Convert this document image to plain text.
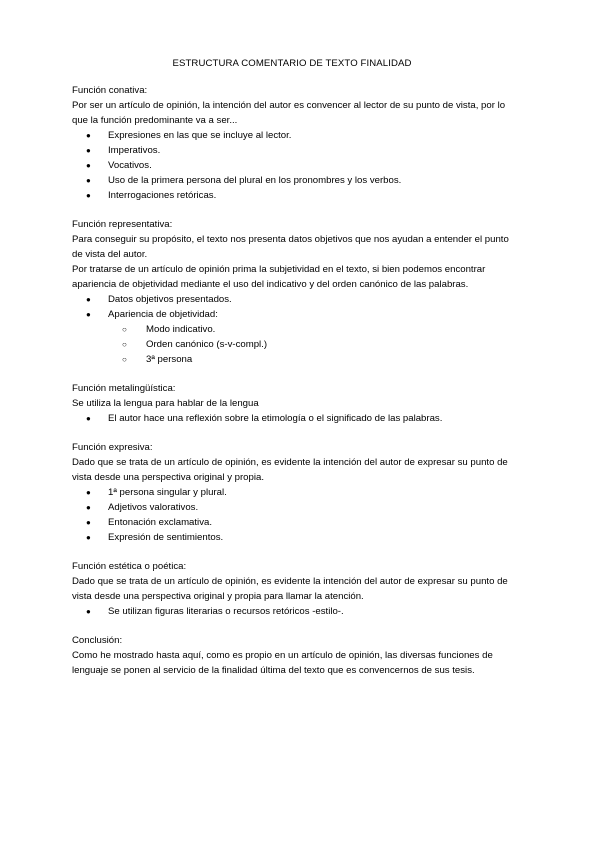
ESTRUCTURA COMENTARIO DE TEXTO FINALIDAD

Función conativa:

Por ser un artículo de opinión, la intención del autor es convencer al lector de su punto de vista, por lo que la función predominante va a ser...

● Expresiones en las que se incluye al lector.
● Imperativos.
● Vocativos.
● Uso de la primera persona del plural en los pronombres y los verbos.
● Interrogaciones retóricas.

Función representativa:

Para conseguir su propósito, el texto nos presenta datos objetivos que nos ayudan a entender el punto de vista del autor.

Por tratarse de un artículo de opinión prima la subjetividad en el texto, si bien podemos encontrar apariencia de objetividad mediante el uso del indicativo y del orden canónico de las palabras.

● Datos objetivos presentados.
● Apariencia de objetividad:
○ Modo indicativo.
○ Orden canónico (s-v-compl.)
○ 3ª persona

Función metalingüística:

Se utiliza la lengua para hablar de la lengua

● El autor hace una reflexión sobre la etimología o el significado de las palabras.

Función expresiva:

Dado que se trata de un artículo de opinión, es evidente la intención del autor de expresar su punto de vista desde una perspectiva original y propia.

● 1ª persona singular y plural.
● Adjetivos valorativos.
● Entonación exclamativa.
● Expresión de sentimientos.

Función estética o poética:

Dado que se trata de un artículo de opinión, es evidente la intención del autor de expresar su punto de vista desde una perspectiva original y propia para llamar la atención.

● Se utilizan figuras literarias o recursos retóricos -estilo-.

Conclusión:

Como he mostrado hasta aquí, como es propio en un artículo de opinión, las diversas funciones de lenguaje se ponen al servicio de la finalidad última del texto que es convencernos de sus tesis.
